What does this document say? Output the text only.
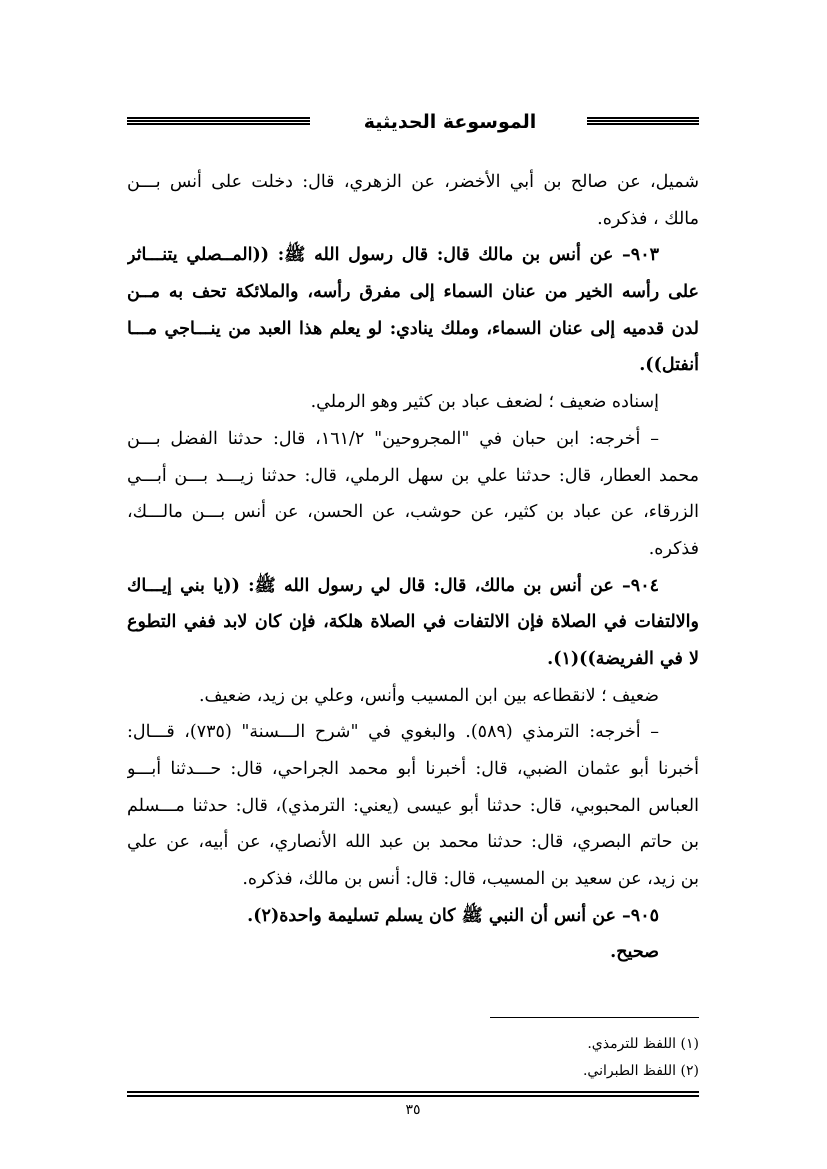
الموسوعة الحديثية
شميل، عن صالح بن أبي الأخضر، عن الزهري، قال: دخلت على أنس بـــن
مالك ، فذكره.
٩٠٣– عن أنس بن مالك قال: قال رسول الله ﷺ: ((المــصلي يتنـــاثر
على رأسه الخير من عنان السماء إلى مفرق رأسه، والملائكة تحف به مــن
لدن قدميه إلى عنان السماء، وملك ينادي: لو يعلم هذا العبد من ينـــاجي مـــا
أنفتل)).
إسناده ضعيف ؛ لضعف عباد بن كثير وهو الرملي.
– أخرجه: ابن حبان في "المجروحين" ١٦١/٢، قال: حدثنا الفضل بـــن
محمد العطار، قال: حدثنا علي بن سهل الرملي، قال: حدثنا زيـــد بـــن أبـــي
الزرقاء، عن عباد بن كثير، عن حوشب، عن الحسن، عن أنس بـــن مالـــك،
فذكره.
٩٠٤– عن أنس بن مالك، قال: قال لي رسول الله ﷺ: ((يا بني إيـــاك
والالتفات في الصلاة فإن الالتفات في الصلاة هلكة، فإن كان لابد ففي التطوع
لا في الفريضة))(١).
ضعيف ؛ لانقطاعه بين ابن المسيب وأنس، وعلي بن زيد، ضعيف.
– أخرجه: الترمذي (٥٨٩). والبغوي في "شرح الـــسنة" (٧٣٥)، قـــال:
أخبرنا أبو عثمان الضبي، قال: أخبرنا أبو محمد الجراحي، قال: حـــدثنا أبـــو
العباس المحبوبي، قال: حدثنا أبو عيسى (يعني: الترمذي)، قال: حدثنا مـــسلم
بن حاتم البصري، قال: حدثنا محمد بن عبد الله الأنصاري، عن أبيه، عن علي
بن زيد، عن سعيد بن المسيب، قال: قال: أنس بن مالك، فذكره.
٩٠٥– عن أنس أن النبي ﷺ كان يسلم تسليمة واحدة(٢).
صحيح.
(١) اللفظ للترمذي.
(٢) اللفظ الطبراني.
٣٥
